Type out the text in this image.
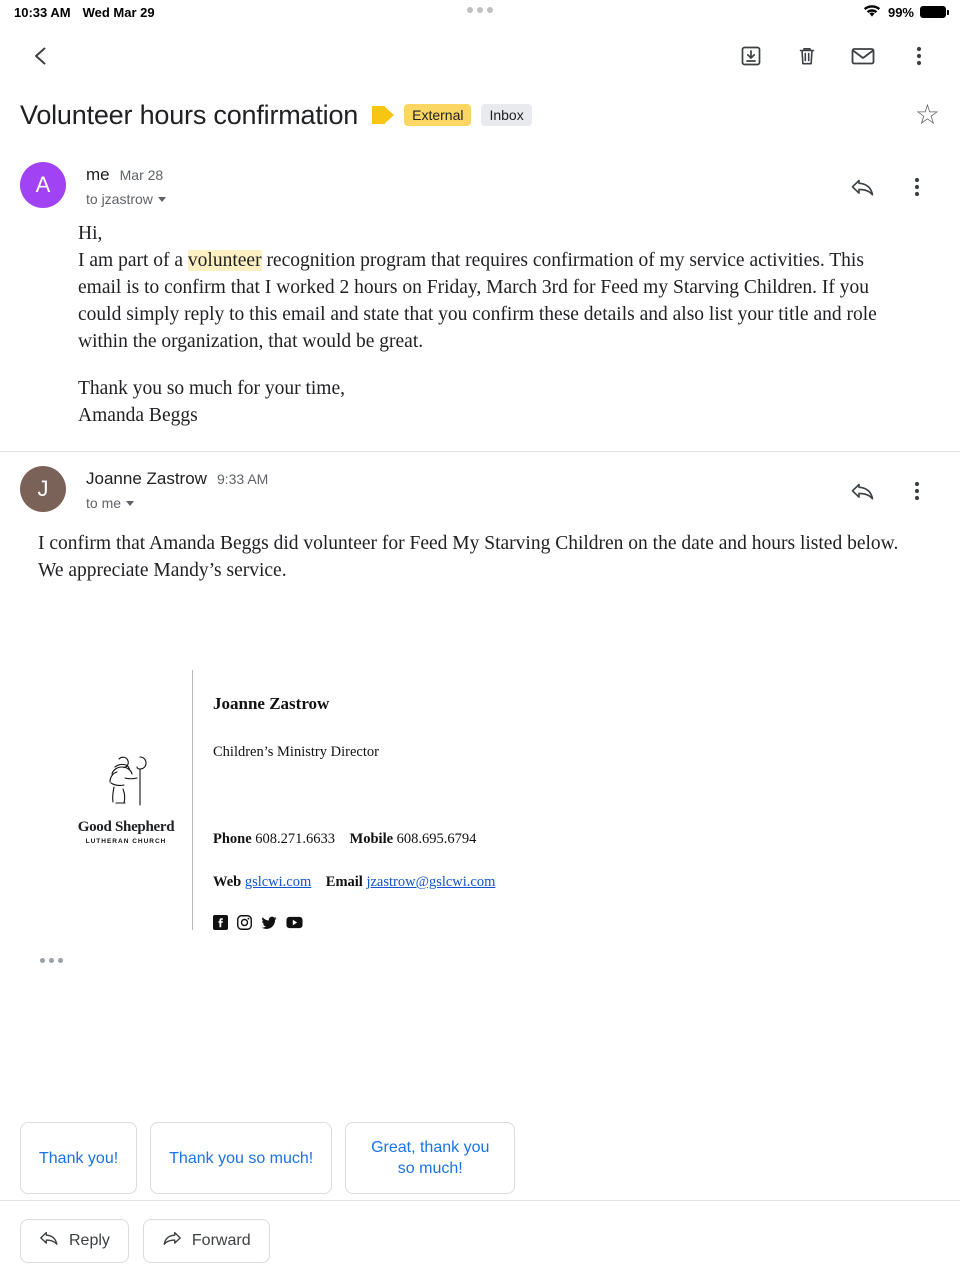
10:33 AM Wed Mar 29	99%
Volunteer hours confirmation	External	Inbox	☆
A	me Mar 28
to jzastrow

Hi,

I am part of a volunteer recognition program that requires confirmation of my service activities. This email is to confirm that I worked 2 hours on Friday, March 3rd for Feed my Starving Children. If you could simply reply to this email and state that you confirm these details and also list your title and role within the organization, that would be great.

Thank you so much for your time,

Amanda Beggs

J	Joanne Zastrow 9:33 AM
to me
I confirm that Amanda Beggs did volunteer for Feed My Starving Children on the date and hours listed below. We appreciate Mandy’s service.
Good Shepherd
LUTHERAN CHURCH
Joanne Zastrow
Children’s Ministry Director
Phone 608.271.6633 Mobile 608.695.6794
Web gslcwi.com Email jzastrow@gslcwi.com
Thank you!	Thank you so much!
Great, thank you so much!
Reply	Forward
